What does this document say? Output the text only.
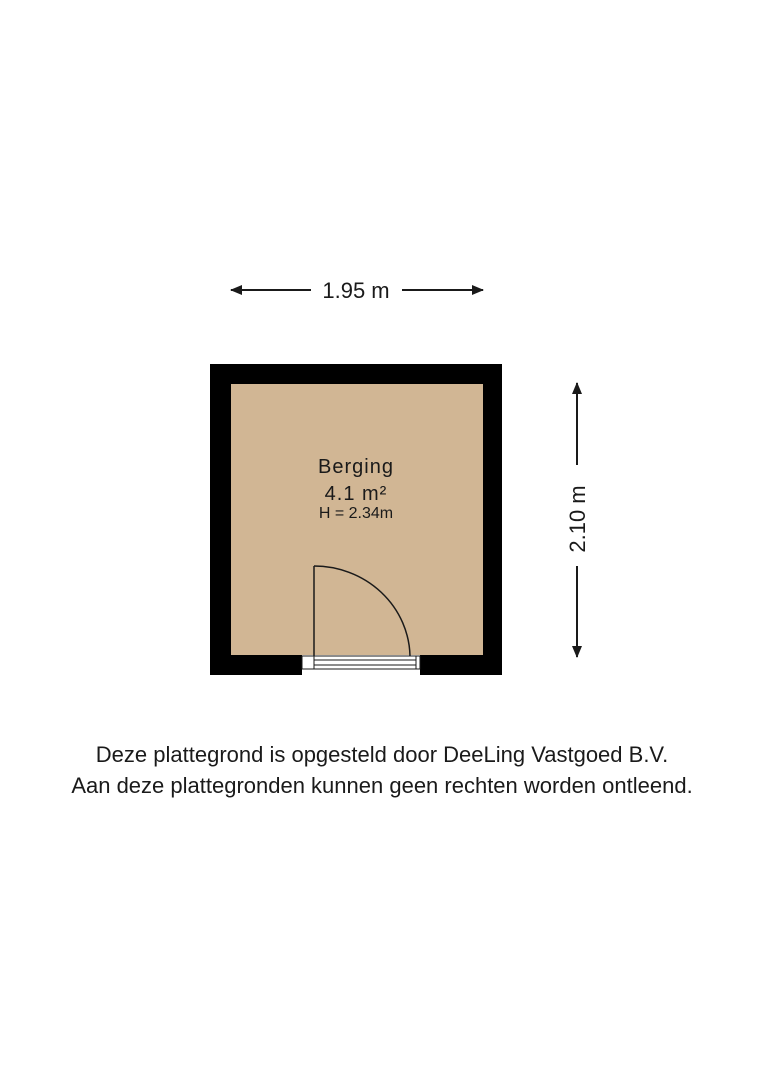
1.95 m
2.10 m
Berging
4.1 m²
H = 2.34m
Deze plattegrond is opgesteld door DeeLing Vastgoed B.V.
Aan deze plattegronden kunnen geen rechten worden ontleend.
